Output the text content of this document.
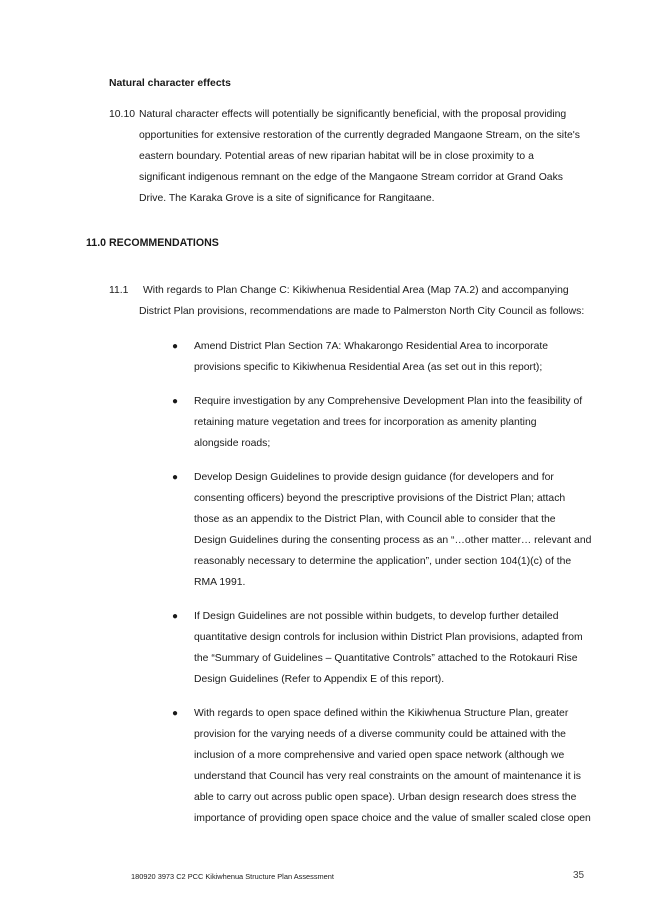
Natural character effects
10.10 Natural character effects will potentially be significantly beneficial, with the proposal providing
opportunities for extensive restoration of the currently degraded Mangaone Stream, on the site's
eastern boundary. Potential areas of new riparian habitat will be in close proximity to a
significant indigenous remnant on the edge of the Mangaone Stream corridor at Grand Oaks
Drive. The Karaka Grove is a site of significance for Rangitaane.
11.0 RECOMMENDATIONS
11.1	With regards to Plan Change C: Kikiwhenua Residential Area (Map 7A.2) and accompanying
District Plan provisions, recommendations are made to Palmerston North City Council as follows:
● Amend District Plan Section 7A: Whakarongo Residential Area to incorporate
provisions specific to Kikiwhenua Residential Area (as set out in this report);
● Require investigation by any Comprehensive Development Plan into the feasibility of
retaining mature vegetation and trees for incorporation as amenity planting
alongside roads;
● Develop Design Guidelines to provide design guidance (for developers and for
consenting officers) beyond the prescriptive provisions of the District Plan; attach
those as an appendix to the District Plan, with Council able to consider that the
Design Guidelines during the consenting process as an “…other matter… relevant and
reasonably necessary to determine the application”, under section 104(1)(c) of the
RMA 1991.
● If Design Guidelines are not possible within budgets, to develop further detailed
quantitative design controls for inclusion within District Plan provisions, adapted from
the “Summary of Guidelines – Quantitative Controls” attached to the Rotokauri Rise
Design Guidelines (Refer to Appendix E of this report).
● With regards to open space defined within the Kikiwhenua Structure Plan, greater
provision for the varying needs of a diverse community could be attained with the
inclusion of a more comprehensive and varied open space network (although we
understand that Council has very real constraints on the amount of maintenance it is
able to carry out across public open space). Urban design research does stress the
importance of providing open space choice and the value of smaller scaled close open
180920 3973 C2 PCC Kikiwhenua Structure Plan Assessment	35
